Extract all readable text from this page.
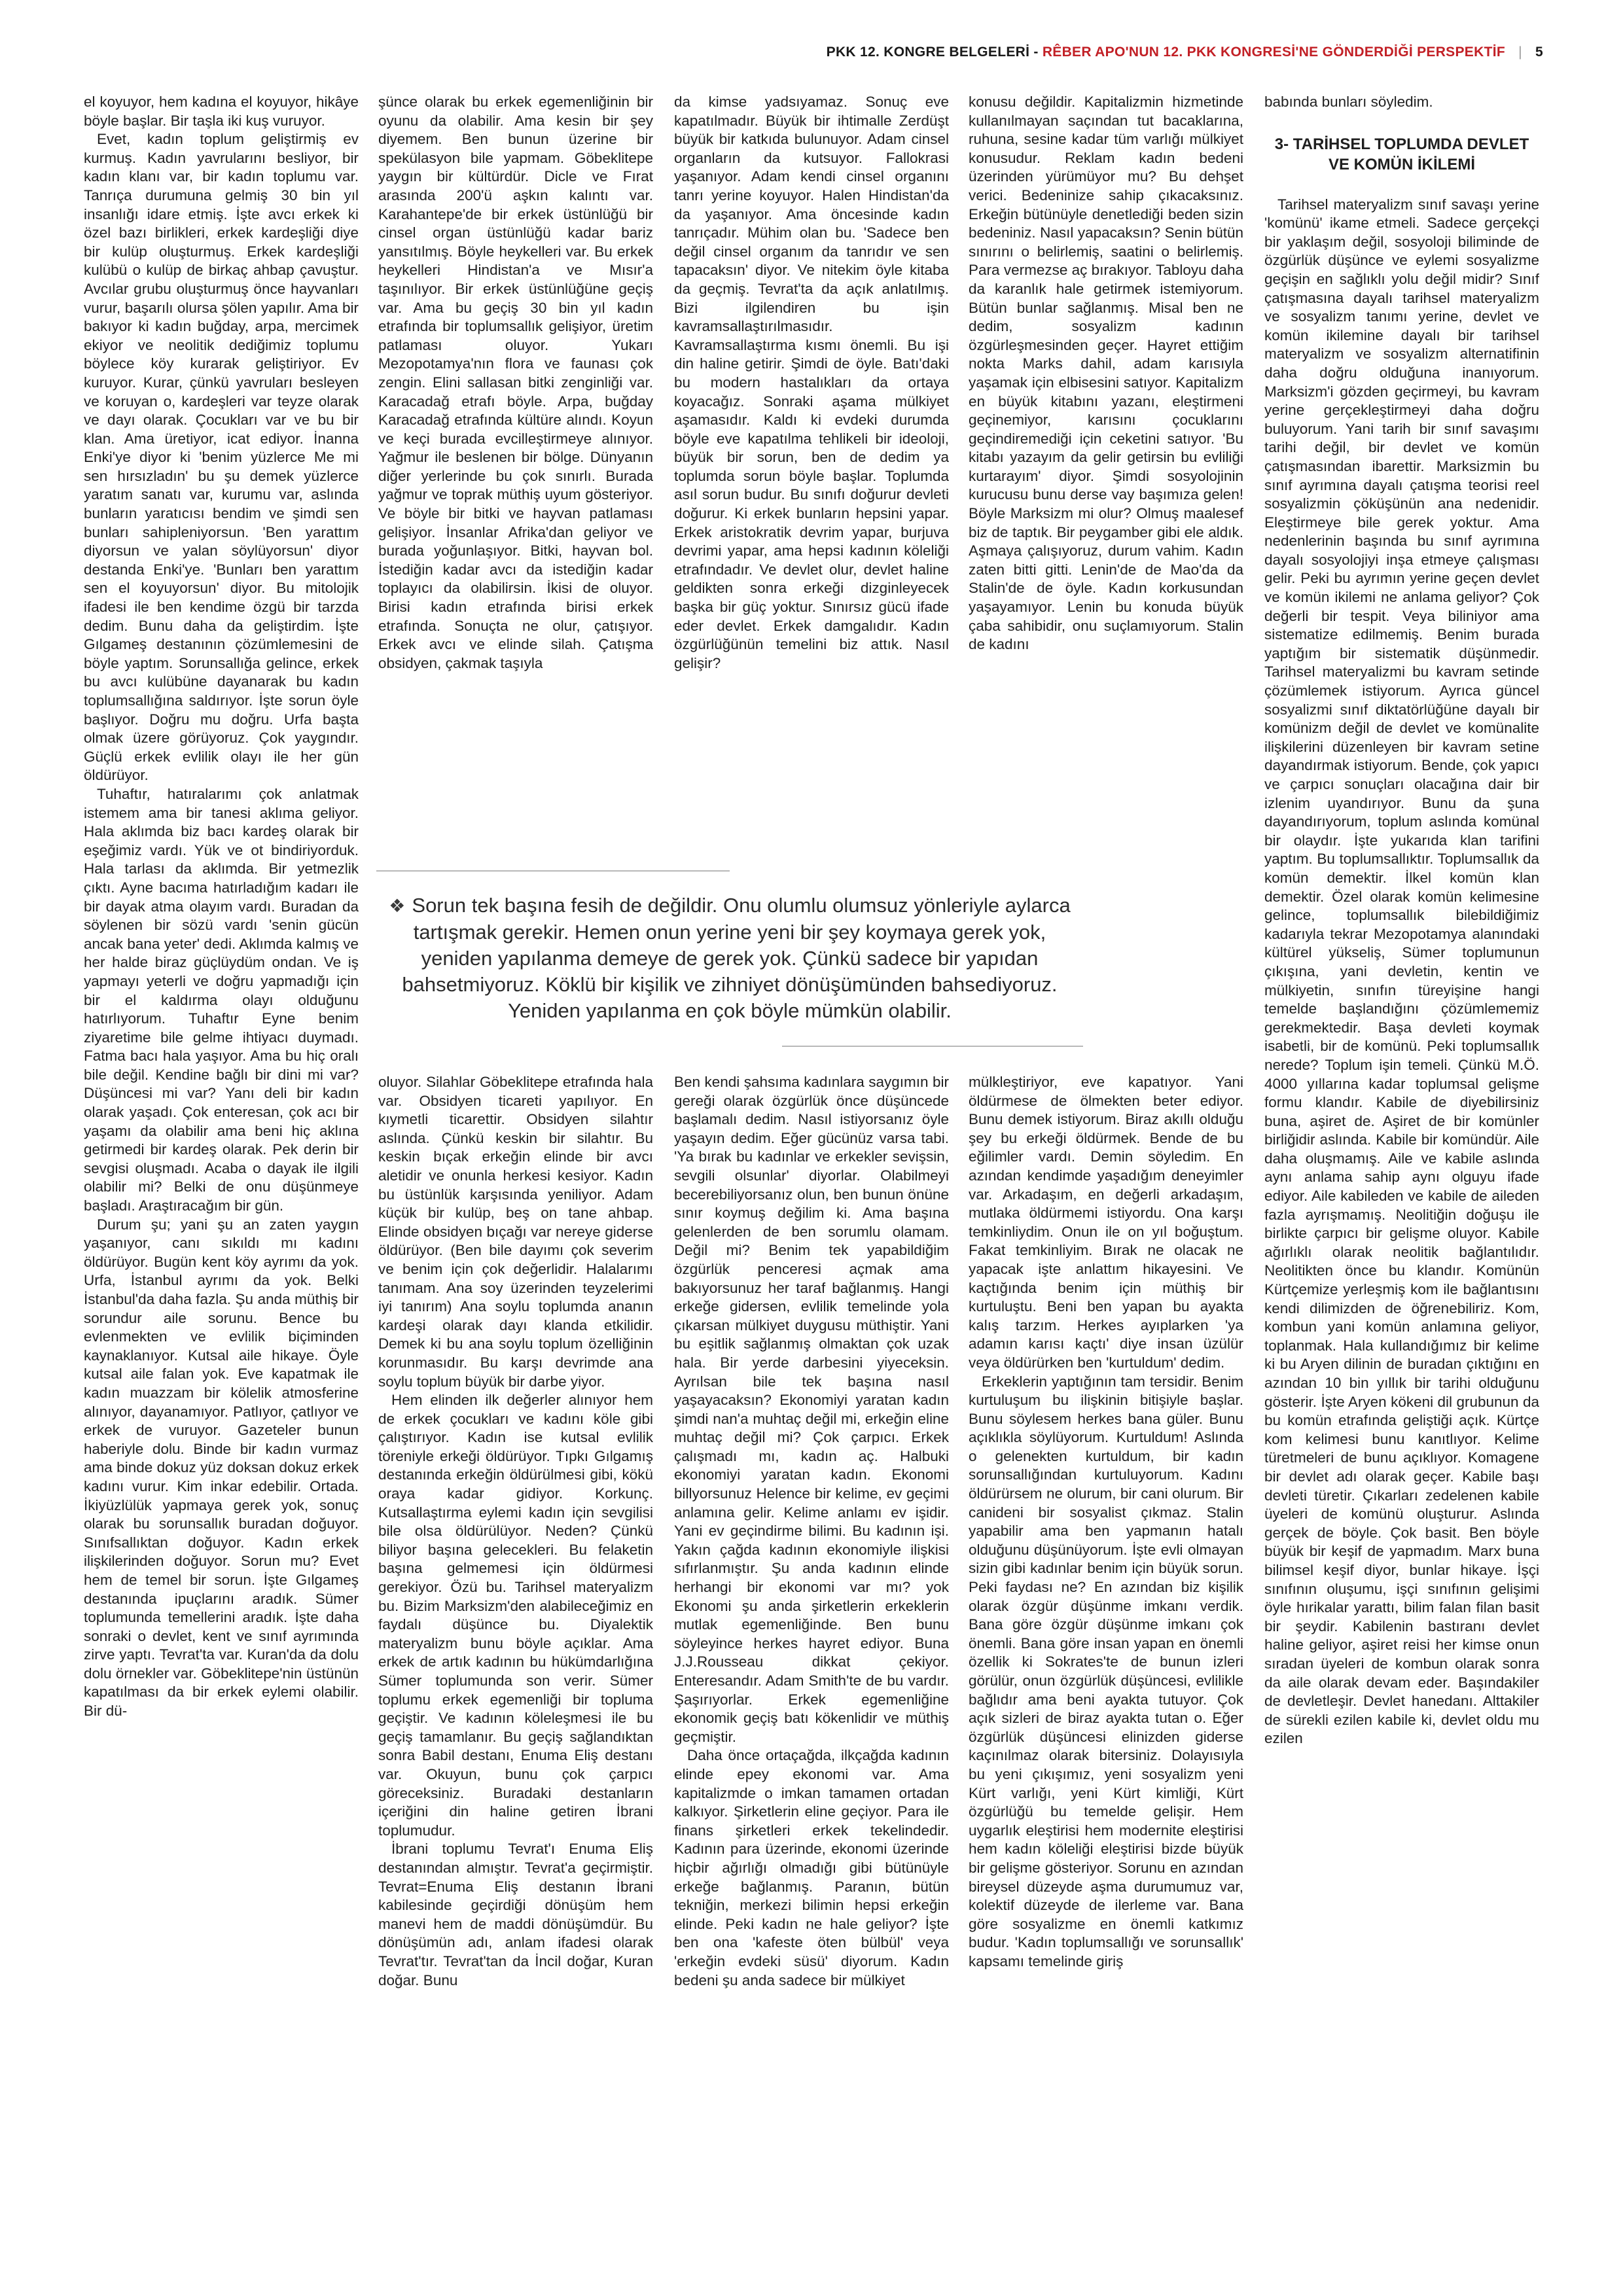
PKK 12. KONGRE BELGELERİ - RÊBER APO'NUN 12. PKK KONGRESİ'NE GÖNDERDİĞİ PERSPEKTİF | 5

el koyuyor, hem kadına el koyuyor, hikâye böyle başlar. Bir taşla iki kuş vuruyor.

Evet, kadın toplum geliştirmiş ev kurmuş. Kadın yavrularını besliyor, bir kadın klanı var, bir kadın toplumu var. Tanrıça durumuna gelmiş 30 bin yıl insanlığı idare etmiş. İşte avcı erkek ki özel bazı birlikleri, erkek kardeşliği diye bir kulüp oluşturmuş. Erkek kardeşliği kulübü o kulüp de birkaç ahbap çavuştur. Avcılar grubu oluşturmuş önce hayvanları vurur, başarılı olursa şölen yapılır. Ama bir bakıyor ki kadın buğday, arpa, mercimek ekiyor ve neolitik dediğimiz toplumu böylece köy kurarak geliştiriyor. Ev kuruyor. Kurar, çünkü yavruları besleyen ve koruyan o, kardeşleri var teyze olarak ve dayı olarak. Çocukları var ve bu bir klan. Ama üretiyor, icat ediyor. İnanna Enki'ye diyor ki 'benim yüzlerce Me mi sen hırsızladın' bu şu demek yüzlerce yaratım sanatı var, kurumu var, aslında bunların yaratıcısı bendim ve şimdi sen bunları sahipleniyorsun. 'Ben yarattım diyorsun ve yalan söylüyorsun' diyor destanda Enki'ye. 'Bunları ben yarattım sen el koyuyorsun' diyor. Bu mitolojik ifadesi ile ben kendime özgü bir tarzda dedim. Bunu daha da geliştirdim. İşte Gılgameş destanının çözümlemesini de böyle yaptım. Sorunsallığa gelince, erkek bu avcı kulübüne dayanarak bu kadın toplumsallığına saldırıyor. İşte sorun öyle başlıyor. Doğru mu doğru. Urfa başta olmak üzere görüyoruz. Çok yaygındır. Güçlü erkek evlilik olayı ile her gün öldürüyor.

Tuhaftır, hatıralarımı çok anlatmak istemem ama bir tanesi aklıma geliyor. Hala aklımda biz bacı kardeş olarak bir eşeğimiz vardı. Yük ve ot bindiriyorduk. Hala tarlası da aklımda. Bir yetmezlik çıktı. Ayne bacıma hatırladığım kadarı ile bir dayak atma olayım vardı. Buradan da söylenen bir sözü vardı 'senin gücün ancak bana yeter' dedi. Aklımda kalmış ve her halde biraz güçlüydüm ondan. Ve iş yapmayı yeterli ve doğru yapmadığı için bir el kaldırma olayı olduğunu hatırlıyorum. Tuhaftır Eyne benim ziyaretime bile gelme ihtiyacı duymadı. Fatma bacı hala yaşıyor. Ama bu hiç oralı bile değil. Kendine bağlı bir dini mi var? Düşüncesi mi var? Yanı deli bir kadın olarak yaşadı. Çok enteresan, çok acı bir yaşamı da olabilir ama beni hiç aklına getirmedi bir kardeş olarak. Pek derin bir sevgisi oluşmadı. Acaba o dayak ile ilgili olabilir mi? Belki de onu düşünmeye başladı. Araştıracağım bir gün.

Durum şu; yani şu an zaten yaygın yaşanıyor, canı sıkıldı mı kadını öldürüyor. Bugün kent köy ayrımı da yok. Urfa, İstanbul ayrımı da yok. Belki İstanbul'da daha fazla. Şu anda müthiş bir sorundur aile sorunu. Bence bu evlenmekten ve evlilik biçiminden kaynaklanıyor. Kutsal aile hikaye. Öyle kutsal aile falan yok. Eve kapatmak ile kadın muazzam bir kölelik atmosferine alınıyor, dayanamıyor. Patlıyor, çatlıyor ve erkek de vuruyor. Gazeteler bunun haberiyle dolu. Binde bir kadın vurmaz ama binde dokuz yüz doksan dokuz erkek kadını vurur. Kim inkar edebilir. Ortada. İkiyüzlülük yapmaya gerek yok, sonuç olarak bu sorunsallık buradan doğuyor. Sınıfsallıktan doğuyor. Kadın erkek ilişkilerinden doğuyor. Sorun mu? Evet hem de temel bir sorun. İşte Gılgameş destanında ipuçlarını aradık. Sümer toplumunda temellerini aradık. İşte daha sonraki o devlet, kent ve sınıf ayrımında zirve yaptı. Tevrat'ta var. Kuran'da da dolu dolu örnekler var. Göbeklitepe'nin üstünün kapatılması da bir erkek eylemi olabilir. Bir dü-

şünce olarak bu erkek egemenliğinin bir oyunu da olabilir. Ama kesin bir şey diyemem. Ben bunun üzerine bir spekülasyon bile yapmam. Göbeklitepe yaygın bir kültürdür. Dicle ve Fırat arasında 200'ü aşkın kalıntı var. Karahantepe'de bir erkek üstünlüğü bir cinsel organ üstünlüğü kadar bariz yansıtılmış. Böyle heykelleri var. Bu erkek heykelleri Hindistan'a ve Mısır'a taşınılıyor. Bir erkek üstünlüğüne geçiş var. Ama bu geçiş 30 bin yıl kadın etrafında bir toplumsallık gelişiyor, üretim patlaması oluyor. Yukarı Mezopotamya'nın flora ve faunası çok zengin. Elini sallasan bitki zenginliği var. Karacadağ etrafı böyle. Arpa, buğday Karacadağ etrafında kültüre alındı. Koyun ve keçi burada evcilleştirmeye alınıyor. Yağmur ile beslenen bir bölge. Dünyanın diğer yerlerinde bu çok sınırlı. Burada yağmur ve toprak müthiş uyum gösteriyor. Ve böyle bir bitki ve hayvan patlaması gelişiyor. İnsanlar Afrika'dan geliyor ve burada yoğunlaşıyor. Bitki, hayvan bol. İstediğin kadar avcı da istediğin kadar toplayıcı da olabilirsin. İkisi de oluyor. Birisi kadın etrafında birisi erkek etrafında. Sonuçta ne olur, çatışıyor. Erkek avcı ve elinde silah. Çatışma obsidyen, çakmak taşıyla

oluyor. Silahlar Göbeklitepe etrafında hala var. Obsidyen ticareti yapılıyor. En kıymetli ticarettir. Obsidyen silahtır aslında. Çünkü keskin bir silahtır. Bu keskin bıçak erkeğin elinde bir avcı aletidir ve onunla herkesi kesiyor. Kadın bu üstünlük karşısında yeniliyor. Adam küçük bir kulüp, beş on tane ahbap. Elinde obsidyen bıçağı var nereye giderse öldürüyor. (Ben bile dayımı çok severim ve benim için çok değerlidir. Halalarımı tanımam. Ana soy üzerinden teyzelerimi iyi tanırım) Ana soylu toplumda ananın kardeşi olarak dayı klanda etkilidir. Demek ki bu ana soylu toplum özelliğinin korunmasıdır. Bu karşı devrimde ana soylu toplum büyük bir darbe yiyor.

Hem elinden ilk değerler alınıyor hem de erkek çocukları ve kadını köle gibi çalıştırıyor. Kadın ise kutsal evlilik töreniyle erkeği öldürüyor. Tıpkı Gılgamış destanında erkeğin öldürülmesi gibi, kökü oraya kadar gidiyor. Korkunç. Kutsallaştırma eylemi kadın için sevgilisi bile olsa öldürülüyor. Neden? Çünkü biliyor başına gelecekleri. Bu felaketin başına gelmemesi için öldürmesi gerekiyor. Özü bu. Tarihsel materyalizm bu. Bizim Marksizm'den alabileceğimiz en faydalı düşünce bu. Diyalektik materyalizm bunu böyle açıklar. Ama erkek de artık kadının bu hükümdarlığına Sümer toplumunda son verir. Sümer toplumu erkek egemenliği bir topluma geçiştir. Ve kadının köleleşmesi ile bu geçiş tamamlanır. Bu geçiş sağlandıktan sonra Babil destanı, Enuma Eliş destanı var. Okuyun, bunu çok çarpıcı göreceksiniz. Buradaki destanların içeriğini din haline getiren İbrani toplumudur.

İbrani toplumu Tevrat'ı Enuma Eliş destanından almıştır. Tevrat'a geçirmiştir. Tevrat=Enuma Eliş destanın İbrani kabilesinde geçirdiği dönüşüm hem manevi hem de maddi dönüşümdür. Bu dönüşümün adı, anlam ifadesi olarak Tevrat'tır. Tevrat'tan da İncil doğar, Kuran doğar. Bunu

da kimse yadsıyamaz. Sonuç eve kapatılmadır. Büyük bir ihtimalle Zerdüşt büyük bir katkıda bulunuyor. Adam cinsel organların da kutsuyor. Fallokrasi yaşanıyor. Adam kendi cinsel organını tanrı yerine koyuyor. Halen Hindistan'da da yaşanıyor. Ama öncesinde kadın tanrıçadır. Mühim olan bu. 'Sadece ben değil cinsel organım da tanrıdır ve sen tapacaksın' diyor. Ve nitekim öyle kitaba da geçmiş. Tevrat'ta da açık anlatılmış. Bizi ilgilendiren bu işin kavramsallaştırılmasıdır. Kavramsallaştırma kısmı önemli. Bu işi din haline getirir. Şimdi de öyle. Batı'daki bu modern hastalıkları da ortaya koyacağız. Sonraki aşama mülkiyet aşamasıdır. Kaldı ki evdeki durumda böyle eve kapatılma tehlikeli bir ideoloji, büyük bir sorun, ben de dedim ya toplumda sorun böyle başlar. Toplumda asıl sorun budur. Bu sınıfı doğurur devleti doğurur. Ki erkek bunların hepsini yapar. Erkek aristokratik devrim yapar, burjuva devrimi yapar, ama hepsi kadının köleliği etrafındadır. Ve devlet olur, devlet haline geldikten sonra erkeği dizginleyecek başka bir güç yoktur. Sınırsız gücü ifade eder devlet. Erkek damgalıdır. Kadın özgürlüğünün temelini biz attık. Nasıl gelişir?

Ben kendi şahsıma kadınlara saygımın bir gereği olarak özgürlük önce düşüncede başlamalı dedim. Nasıl istiyorsanız öyle yaşayın dedim. Eğer gücünüz varsa tabi. 'Ya bırak bu kadınlar ve erkekler sevişsin, sevgili olsunlar' diyorlar. Olabilmeyi becerebiliyorsanız olun, ben bunun önüne sınır koymuş değilim ki. Ama başına gelenlerden de ben sorumlu olamam. Değil mi? Benim tek yapabildiğim özgürlük penceresi açmak ama bakıyorsunuz her taraf bağlanmış. Hangi erkeğe gidersen, evlilik temelinde yola çıkarsan mülkiyet duygusu müthiştir. Yani bu eşitlik sağlanmış olmaktan çok uzak hala. Bir yerde darbesini yiyeceksin. Ayrılsan bile tek başına nasıl yaşayacaksın? Ekonomiyi yaratan kadın şimdi nan'a muhtaç değil mi, erkeğin eline muhtaç değil mi? Çok çarpıcı. Erkek çalışmadı mı, kadın aç. Halbuki ekonomiyi yaratan kadın. Ekonomi billyorsunuz Helence bir kelime, ev geçimi anlamına gelir. Kelime anlamı ev işidir. Yani ev geçindirme bilimi. Bu kadının işi. Yakın çağda kadının ekonomiyle ilişkisi sıfırlanmıştır. Şu anda kadının elinde herhangi bir ekonomi var mı? yok Ekonomi şu anda şirketlerin erkeklerin mutlak egemenliğinde. Ben bunu söyleyince herkes hayret ediyor. Buna J.J.Rousseau dikkat çekiyor. Enteresandır. Adam Smith'te de bu vardır. Şaşırıyorlar. Erkek egemenliğine ekonomik geçiş batı kökenlidir ve müthiş geçmiştir.

Daha önce ortaçağda, ilkçağda kadının elinde epey ekonomi var. Ama kapitalizmde o imkan tamamen ortadan kalkıyor. Şirketlerin eline geçiyor. Para ile finans şirketleri erkek tekelindedir. Kadının para üzerinde, ekonomi üzerinde hiçbir ağırlığı olmadığı gibi bütünüyle erkeğe bağlanmış. Paranın, bütün tekniğin, merkezi bilimin hepsi erkeğin elinde. Peki kadın ne hale geliyor? İşte ben ona 'kafeste öten bülbül' veya 'erkeğin evdeki süsü' diyorum. Kadın bedeni şu anda sadece bir mülkiyet

konusu değildir. Kapitalizmin hizmetinde kullanılmayan saçından tut bacaklarına, ruhuna, sesine kadar tüm varlığı mülkiyet konusudur. Reklam kadın bedeni üzerinden yürümüyor mu? Bu dehşet verici. Bedeninize sahip çıkacaksınız. Erkeğin bütünüyle denetlediği beden sizin bedeniniz. Nasıl yapacaksın? Senin bütün sınırını o belirlemiş, saatini o belirlemiş. Para vermezse aç bırakıyor. Tabloyu daha da karanlık hale getirmek istemiyorum. Bütün bunlar sağlanmış. Misal ben ne dedim, sosyalizm kadının özgürleşmesinden geçer. Hayret ettiğim nokta Marks dahil, adam karısıyla yaşamak için elbisesini satıyor. Kapitalizm en büyük kitabını yazanı, eleştirmeni geçinemiyor, karısını çocuklarını geçindiremediği için ceketini satıyor. 'Bu kitabı yazayım da gelir getirsin bu evliliği kurtarayım' diyor. Şimdi sosyolojinin kurucusu bunu derse vay başımıza gelen! Böyle Marksizm mi olur? Olmuş maalesef biz de taptık. Bir peygamber gibi ele aldık. Aşmaya çalışıyoruz, durum vahim. Kadın zaten bitti gitti. Lenin'de de Mao'da da Stalin'de de öyle. Kadın korkusundan yaşayamıyor. Lenin bu konuda büyük çaba sahibidir, onu suçlamıyorum. Stalin de kadını

mülkleştiriyor, eve kapatıyor. Yani öldürmese de ölmekten beter ediyor. Bunu demek istiyorum. Biraz akıllı olduğu şey bu erkeği öldürmek. Bende de bu eğilimler vardı. Demin söyledim. En azından kendimde yaşadığım deneyimler var. Arkadaşım, en değerli arkadaşım, mutlaka öldürmemi istiyordu. Ona karşı temkinliydim. Onun ile on yıl boğuştum. Fakat temkinliyim. Bırak ne olacak ne yapacak işte anlattım hikayesini. Ve kaçtığında benim için müthiş bir kurtuluştu. Beni ben yapan bu ayakta kalış tarzım. Herkes ayıplarken 'ya adamın karısı kaçtı' diye insan üzülür veya öldürürken ben 'kurtuldum' dedim.

Erkeklerin yaptığının tam tersidir. Benim kurtuluşum bu ilişkinin bitişiyle başlar. Bunu söylesem herkes bana güler. Bunu açıklıkla söylüyorum. Kurtuldum! Aslında o gelenekten kurtuldum, bir kadın sorunsallığından kurtuluyorum. Kadını öldürürsem ne olurum, bir cani olurum. Bir canideni bir sosyalist çıkmaz. Stalin yapabilir ama ben yapmanın hatalı olduğunu düşünüyorum. İşte evli olmayan sizin gibi kadınlar benim için büyük sorun. Peki faydası ne? En azından biz kişilik olarak özgür düşünme imkanı verdik. Bana göre özgür düşünme imkanı çok önemli. Bana göre insan yapan en önemli özellik ki Sokrates'te de bunun izleri görülür, onun özgürlük düşüncesi, evlilikle bağlıdır ama beni ayakta tutuyor. Çok açık sizleri de biraz ayakta tutan o. Eğer özgürlük düşüncesi elinizden giderse kaçınılmaz olarak bitersiniz. Dolayısıyla bu yeni çıkışımız, yeni sosyalizm yeni Kürt varlığı, yeni Kürt kimliği, Kürt özgürlüğü bu temelde gelişir. Hem uygarlık eleştirisi hem modernite eleştirisi hem kadın köleliği eleştirisi bizde büyük bir gelişme gösteriyor. Sorunu en azından bireysel düzeyde aşma durumumuz var, kolektif düzeyde de ilerleme var. Bana göre sosyalizme en önemli katkımız budur. 'Kadın toplumsallığı ve sorunsallık' kapsamı temelinde giriş

babında bunları söyledim.

3- TARİHSEL TOPLUMDA DEVLET VE KOMÜN İKİLEMİ

Tarihsel materyalizm sınıf savaşı yerine 'komünü' ikame etmeli. Sadece gerçekçi bir yaklaşım değil, sosyoloji biliminde de özgürlük düşünce ve eylemi sosyalizme geçişin en sağlıklı yolu değil midir? Sınıf çatışmasına dayalı tarihsel materyalizm ve sosyalizm tanımı yerine, devlet ve komün ikilemine dayalı bir tarihsel materyalizm ve sosyalizm alternatifinin daha doğru olduğuna inanıyorum. Marksizm'i gözden geçirmeyi, bu kavram yerine gerçekleştirmeyi daha doğru buluyorum. Yani tarih bir sınıf savaşımı tarihi değil, bir devlet ve komün çatışmasından ibarettir. Marksizmin bu sınıf ayrımına dayalı çatışma teorisi reel sosyalizmin çöküşünün ana nedenidir. Eleştirmeye bile gerek yoktur. Ama nedenlerinin başında bu sınıf ayrımına dayalı sosyolojiyi inşa etmeye çalışması gelir. Peki bu ayrımın yerine geçen devlet ve komün ikilemi ne anlama geliyor? Çok değerli bir tespit. Veya biliniyor ama sistematize edilmemiş. Benim burada yaptığım bir sistematik düşünmedir. Tarihsel materyalizmi bu kavram setinde çözümlemek istiyorum. Ayrıca güncel sosyalizmi sınıf diktatörlüğüne dayalı bir komünizm değil de devlet ve komünalite ilişkilerini düzenleyen bir kavram setine dayandırmak istiyorum. Bende, çok yapıcı ve çarpıcı sonuçları olacağına dair bir izlenim uyandırıyor. Bunu da şuna dayandırıyorum, toplum aslında komünal bir olaydır. İşte yukarıda klan tarifini yaptım. Bu toplumsallıktır. Toplumsallık da komün demektir. İlkel komün klan demektir. Özel olarak komün kelimesine gelince, toplumsallık bilebildiğimiz kadarıyla tekrar Mezopotamya alanındaki kültürel yükseliş, Sümer toplumunun çıkışına, yani devletin, kentin ve mülkiyetin, sınıfın türeyişine hangi temelde başlandığını çözümlememiz gerekmektedir. Başa devleti koymak isabetli, bir de komünü. Peki toplumsallık nerede? Toplum işin temeli. Çünkü M.Ö. 4000 yıllarına kadar toplumsal gelişme formu klandır. Kabile de diyebilirsiniz buna, aşiret de. Aşiret de bir komünler birliğidir aslında. Kabile bir komündür. Aile daha oluşmamış. Aile ve kabile aslında aynı anlama sahip aynı olguyu ifade ediyor. Aile kabileden ve kabile de aileden fazla ayrışmamış. Neolitiğin doğuşu ile birlikte çarpıcı bir gelişme oluyor. Kabile ağırlıklı olarak neolitik bağlantılıdır. Neolitikten önce bu klandır. Komünün Kürtçemize yerleşmiş kom ile bağlantısını kendi dilimizden de öğrenebiliriz. Kom, kombun yani komün anlamına geliyor, toplanmak. Hala kullandığımız bir kelime ki bu Aryen dilinin de buradan çıktığını en azından 10 bin yıllık bir tarihi olduğunu gösterir. İşte Aryen kökeni dil grubunun da bu komün etrafında geliştiği açık. Kürtçe kom kelimesi bunu kanıtlıyor. Kelime türetmeleri de bunu açıklıyor. Komagene bir devlet adı olarak geçer. Kabile başı devleti türetir. Çıkarları zedelenen kabile üyeleri de komünü oluşturur. Aslında gerçek de böyle. Çok basit. Ben böyle büyük bir keşif de yapmadım. Marx buna bilimsel keşif diyor, bunlar hikaye. İşçi sınıfının oluşumu, işçi sınıfının gelişimi öyle hırikalar yarattı, bilim falan filan basit bir şeydir. Kabilenin bastıranı devlet haline geliyor, aşiret reisi her kimse onun sıradan üyeleri de kombun olarak sonra da aile olarak devam eder. Başındakiler de devletleşir. Devlet hanedanı. Alttakiler de sürekli ezilen kabile ki, devlet oldu mu ezilen

❖ Sorun tek başına fesih de değildir. Onu olumlu olumsuz yönleriyle aylarca tartışmak gerekir. Hemen onun yerine yeni bir şey koymaya gerek yok, yeniden yapılanma demeye de gerek yok. Çünkü sadece bir yapıdan bahsetmiyoruz. Köklü bir kişilik ve zihniyet dönüşümünden bahsediyoruz. Yeniden yapılanma en çok böyle mümkün olabilir.
